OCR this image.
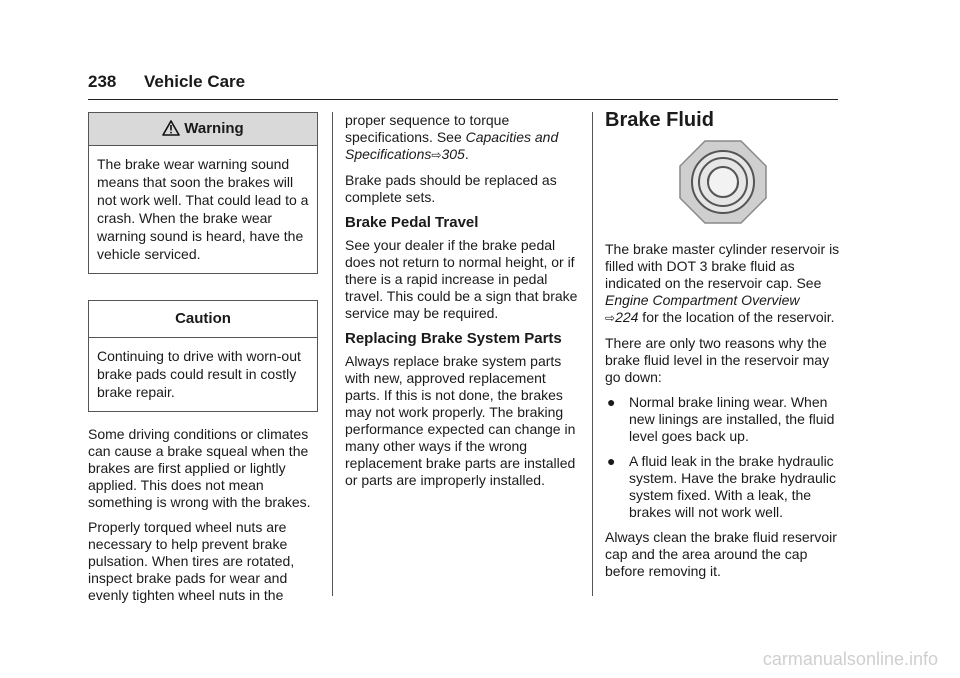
238 Vehicle Care
Warning
The brake wear warning sound means that soon the brakes will not work well. That could lead to a crash. When the brake wear warning sound is heard, have the vehicle serviced.
Caution
Continuing to drive with worn-out brake pads could result in costly brake repair.

Some driving conditions or climates can cause a brake squeal when the brakes are first applied or lightly applied. This does not mean something is wrong with the brakes.

Properly torqued wheel nuts are necessary to help prevent brake pulsation. When tires are rotated, inspect brake pads for wear and evenly tighten wheel nuts in the

proper sequence to torque specifications. See Capacities and Specifications⇨305.

Brake pads should be replaced as complete sets.

Brake Pedal Travel

See your dealer if the brake pedal does not return to normal height, or if there is a rapid increase in pedal travel. This could be a sign that brake service may be required.

Replacing Brake System Parts

Always replace brake system parts with new, approved replacement parts. If this is not done, the brakes may not work properly. The braking performance expected can change in many other ways if the wrong replacement brake parts are installed or parts are improperly installed.

Brake Fluid

The brake master cylinder reservoir is filled with DOT 3 brake fluid as indicated on the reservoir cap. See Engine Compartment Overview
⇨224 for the location of the reservoir.

There are only two reasons why the brake fluid level in the reservoir may go down:

● Normal brake lining wear. When new linings are installed, the fluid level goes back up.
● A fluid leak in the brake hydraulic system. Have the brake hydraulic system fixed. With a leak, the brakes will not work well.

Always clean the brake fluid reservoir cap and the area around the cap before removing it.

carmanualsonline.info
